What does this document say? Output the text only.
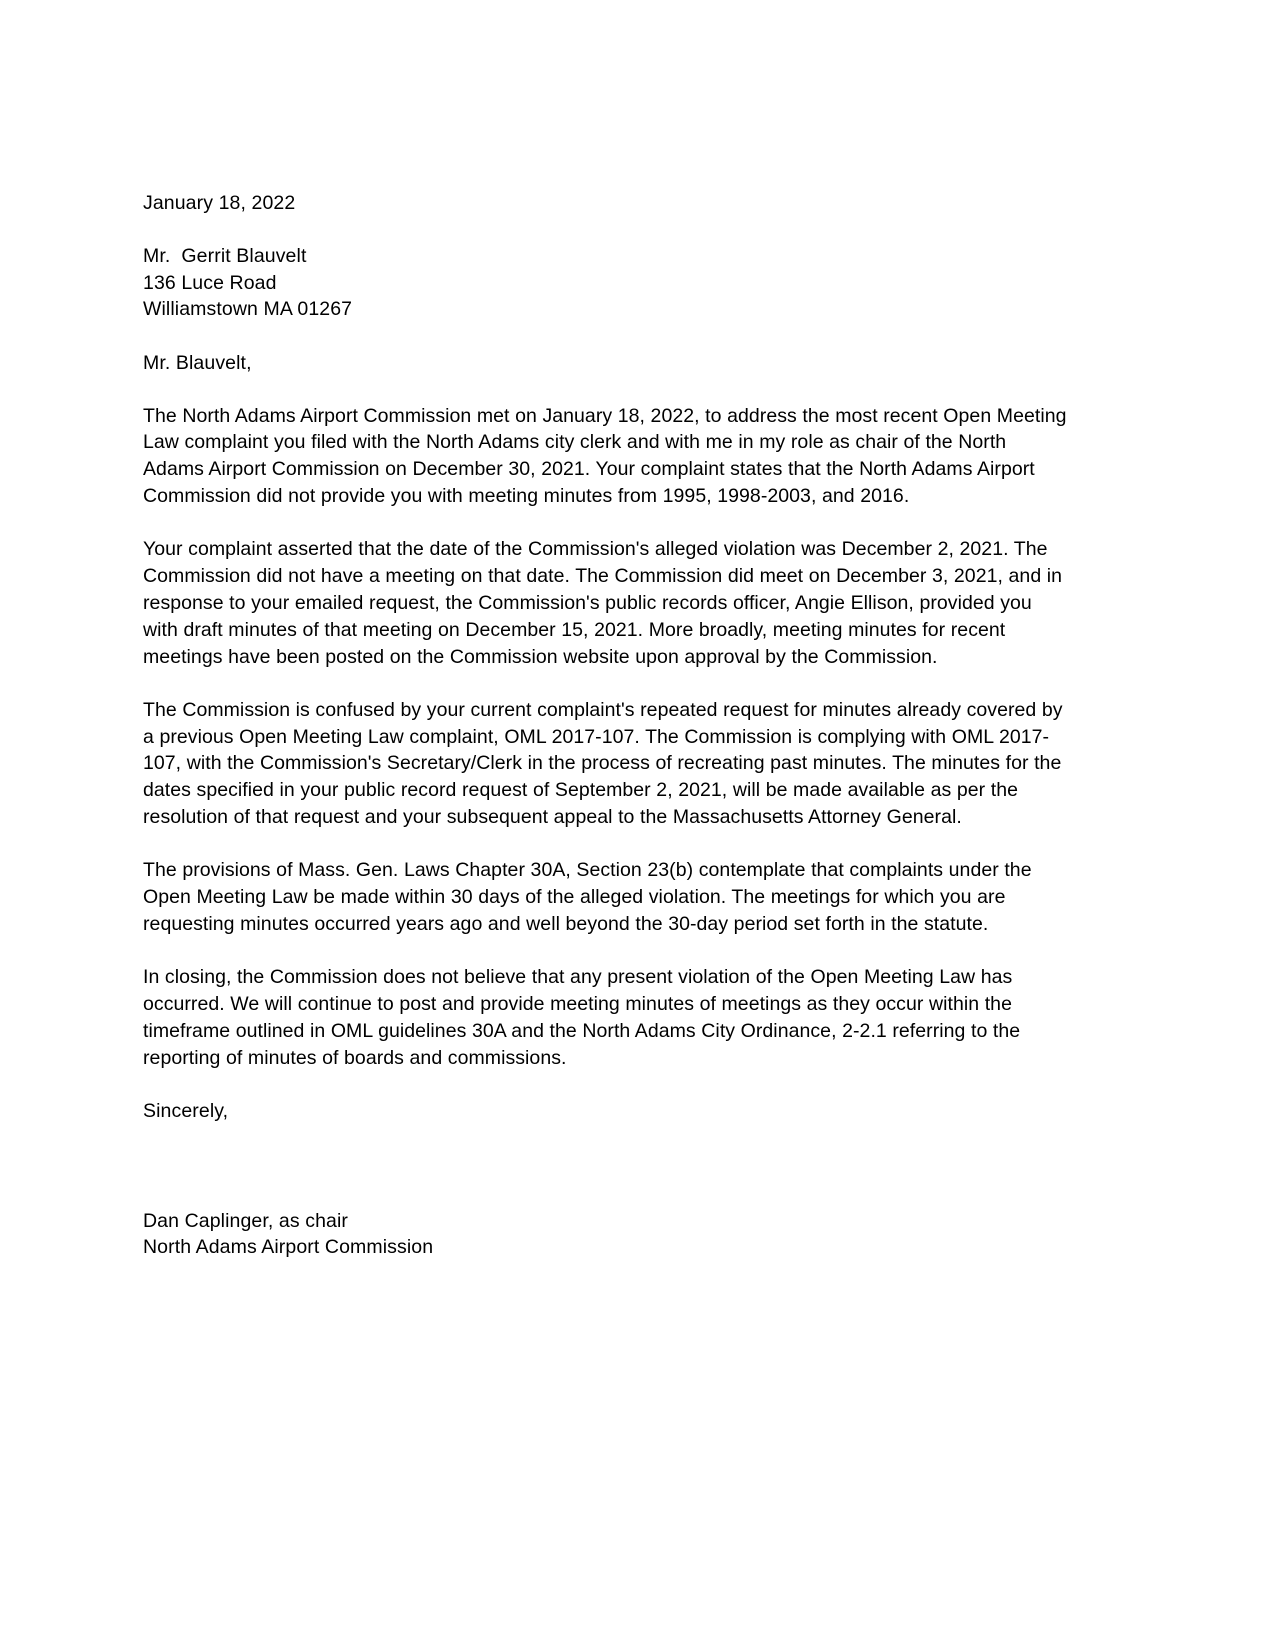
January 18, 2022
Mr.  Gerrit Blauvelt
136 Luce Road
Williamstown MA 01267
Mr. Blauvelt,

The North Adams Airport Commission met on January 18, 2022, to address the most recent Open Meeting Law complaint you filed with the North Adams city clerk and with me in my role as chair of the North Adams Airport Commission on December 30, 2021. Your complaint states that the North Adams Airport Commission did not provide you with meeting minutes from 1995, 1998-2003, and 2016.

Your complaint asserted that the date of the Commission's alleged violation was December 2, 2021. The Commission did not have a meeting on that date. The Commission did meet on December 3, 2021, and in response to your emailed request, the Commission's public records officer, Angie Ellison, provided you with draft minutes of that meeting on December 15, 2021. More broadly, meeting minutes for recent meetings have been posted on the Commission website upon approval by the Commission.

The Commission is confused by your current complaint's repeated request for minutes already covered by a previous Open Meeting Law complaint, OML 2017-107. The Commission is complying with OML 2017-107, with the Commission's Secretary/Clerk in the process of recreating past minutes. The minutes for the dates specified in your public record request of September 2, 2021, will be made available as per the resolution of that request and your subsequent appeal to the Massachusetts Attorney General.

The provisions of Mass. Gen. Laws Chapter 30A, Section 23(b) contemplate that complaints under the Open Meeting Law be made within 30 days of the alleged violation. The meetings for which you are requesting minutes occurred years ago and well beyond the 30-day period set forth in the statute.

In closing, the Commission does not believe that any present violation of the Open Meeting Law has occurred. We will continue to post and provide meeting minutes of meetings as they occur within the timeframe outlined in OML guidelines 30A and the North Adams City Ordinance, 2-2.1 referring to the reporting of minutes of boards and commissions.

Sincerely,
Dan Caplinger, as chair
North Adams Airport Commission
